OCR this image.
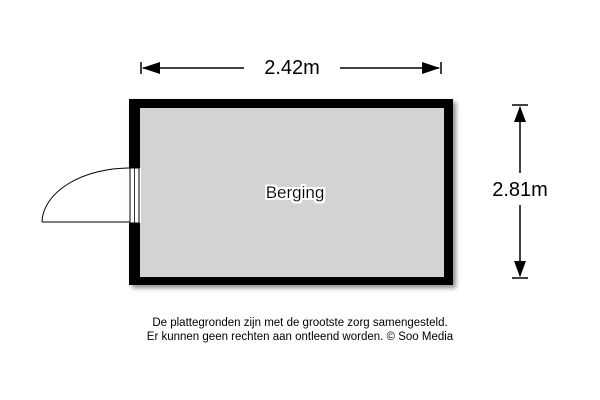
2.42m
2.81m
Berging
De plattegronden zijn met de grootste zorg samengesteld.
Er kunnen geen rechten aan ontleend worden. © Soo Media
